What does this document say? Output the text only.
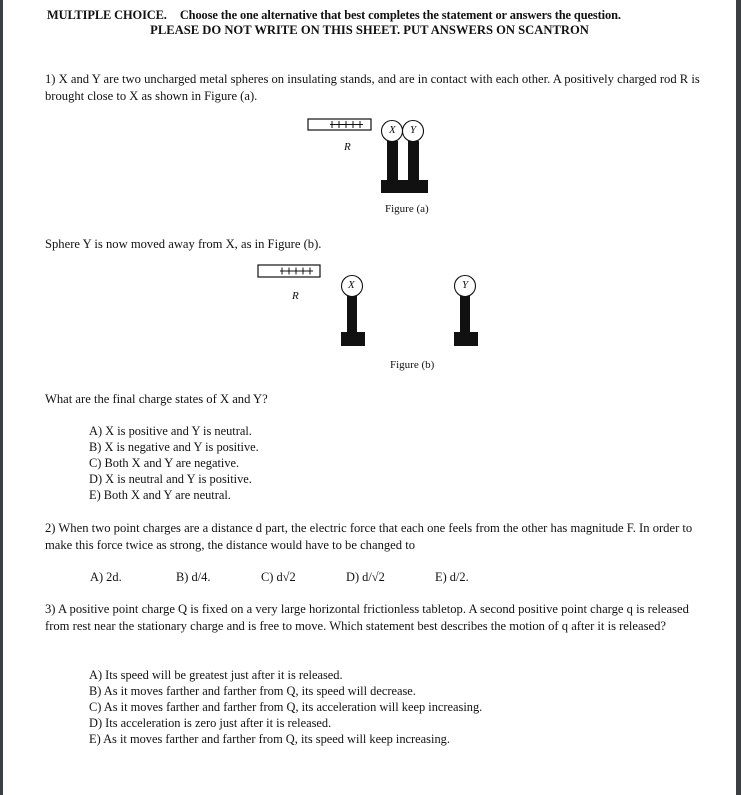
MULTIPLE CHOICE. Choose the one alternative that best completes the statement or answers the question.
PLEASE DO NOT WRITE ON THIS SHEET. PUT ANSWERS ON SCANTRON
1) X and Y are two uncharged metal spheres on insulating stands, and are in contact with each other. A positively charged rod R is brought close to X as shown in Figure (a).
X Y
R
Figure (a)
Sphere Y is now moved away from X, as in Figure (b).
X	Y
R
Figure (b)
What are the final charge states of X and Y?
A) X is positive and Y is neutral.
B) X is negative and Y is positive.
C) Both X and Y are negative.
D) X is neutral and Y is positive.
E) Both X and Y are neutral.
2) When two point charges are a distance d part, the electric force that each one feels from the other has magnitude F. In order to make this force twice as strong, the distance would have to be changed to
A) 2d.	B) d/4.	C) d√2	D) d/√2	E) d/2.
3) A positive point charge Q is fixed on a very large horizontal frictionless tabletop. A second positive point charge q is released from rest near the stationary charge and is free to move. Which statement best describes the motion of q after it is released?
A) Its speed will be greatest just after it is released.
B) As it moves farther and farther from Q, its speed will decrease.
C) As it moves farther and farther from Q, its acceleration will keep increasing.
D) Its acceleration is zero just after it is released.
E) As it moves farther and farther from Q, its speed will keep increasing.
